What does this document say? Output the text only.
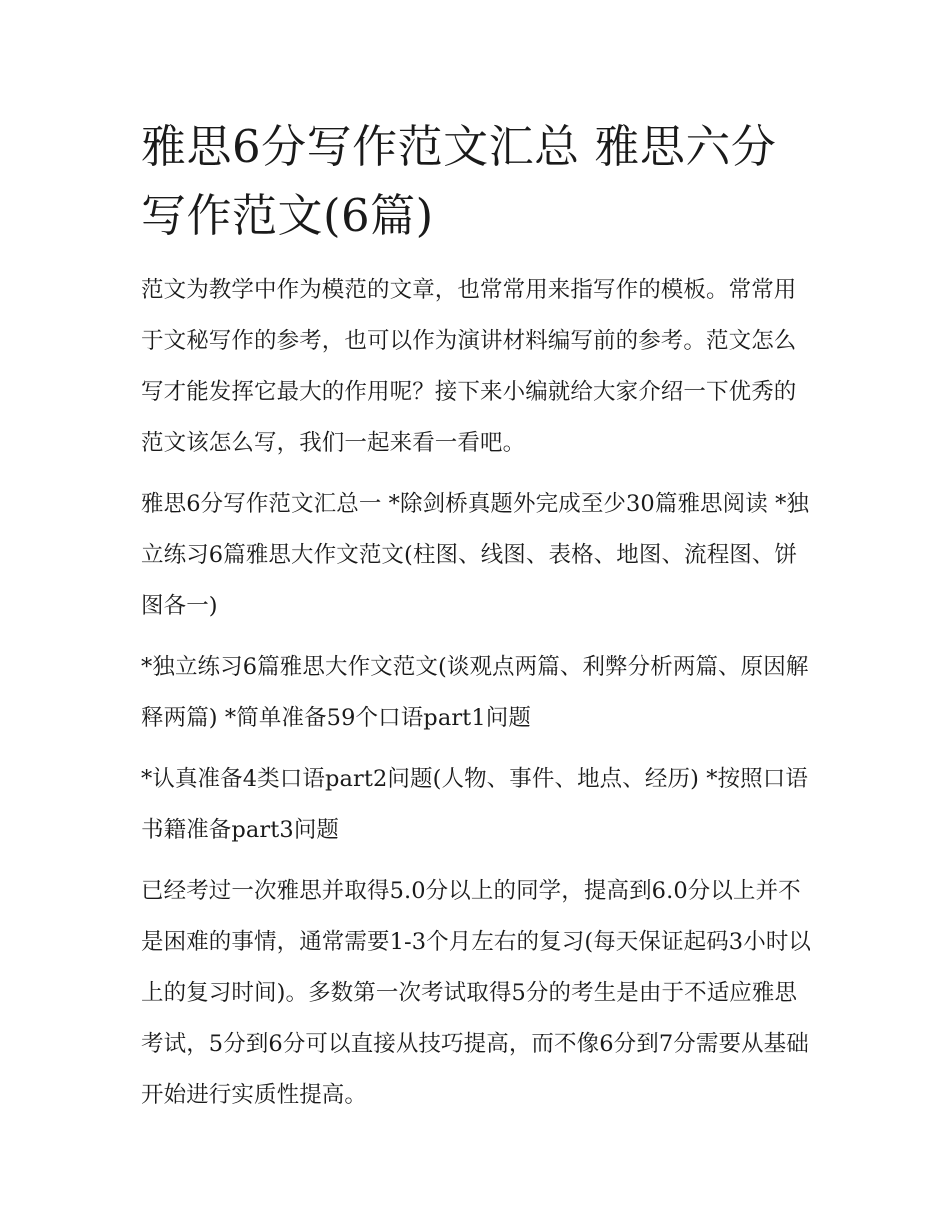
雅思6分写作范文汇总 雅思六分写作范文(6篇)

范文为教学中作为模范的文章，也常常用来指写作的模板。常常用于文秘写作的参考，也可以作为演讲材料编写前的参考。范文怎么写才能发挥它最大的作用呢？接下来小编就给大家介绍一下优秀的范文该怎么写，我们一起来看一看吧。

雅思6分写作范文汇总一 *除剑桥真题外完成至少30篇雅思阅读 *独立练习6篇雅思大作文范文(柱图、线图、表格、地图、流程图、饼图各一)

*独立练习6篇雅思大作文范文(谈观点两篇、利弊分析两篇、原因解释两篇) *简单准备59个口语part1问题

*认真准备4类口语part2问题(人物、事件、地点、经历) *按照口语书籍准备part3问题

已经考过一次雅思并取得5.0分以上的同学，提高到6.0分以上并不是困难的事情，通常需要1-3个月左右的复习(每天保证起码3小时以上的复习时间)。多数第一次考试取得5分的考生是由于不适应雅思考试，5分到6分可以直接从技巧提高，而不像6分到7分需要从基础开始进行实质性提高。
